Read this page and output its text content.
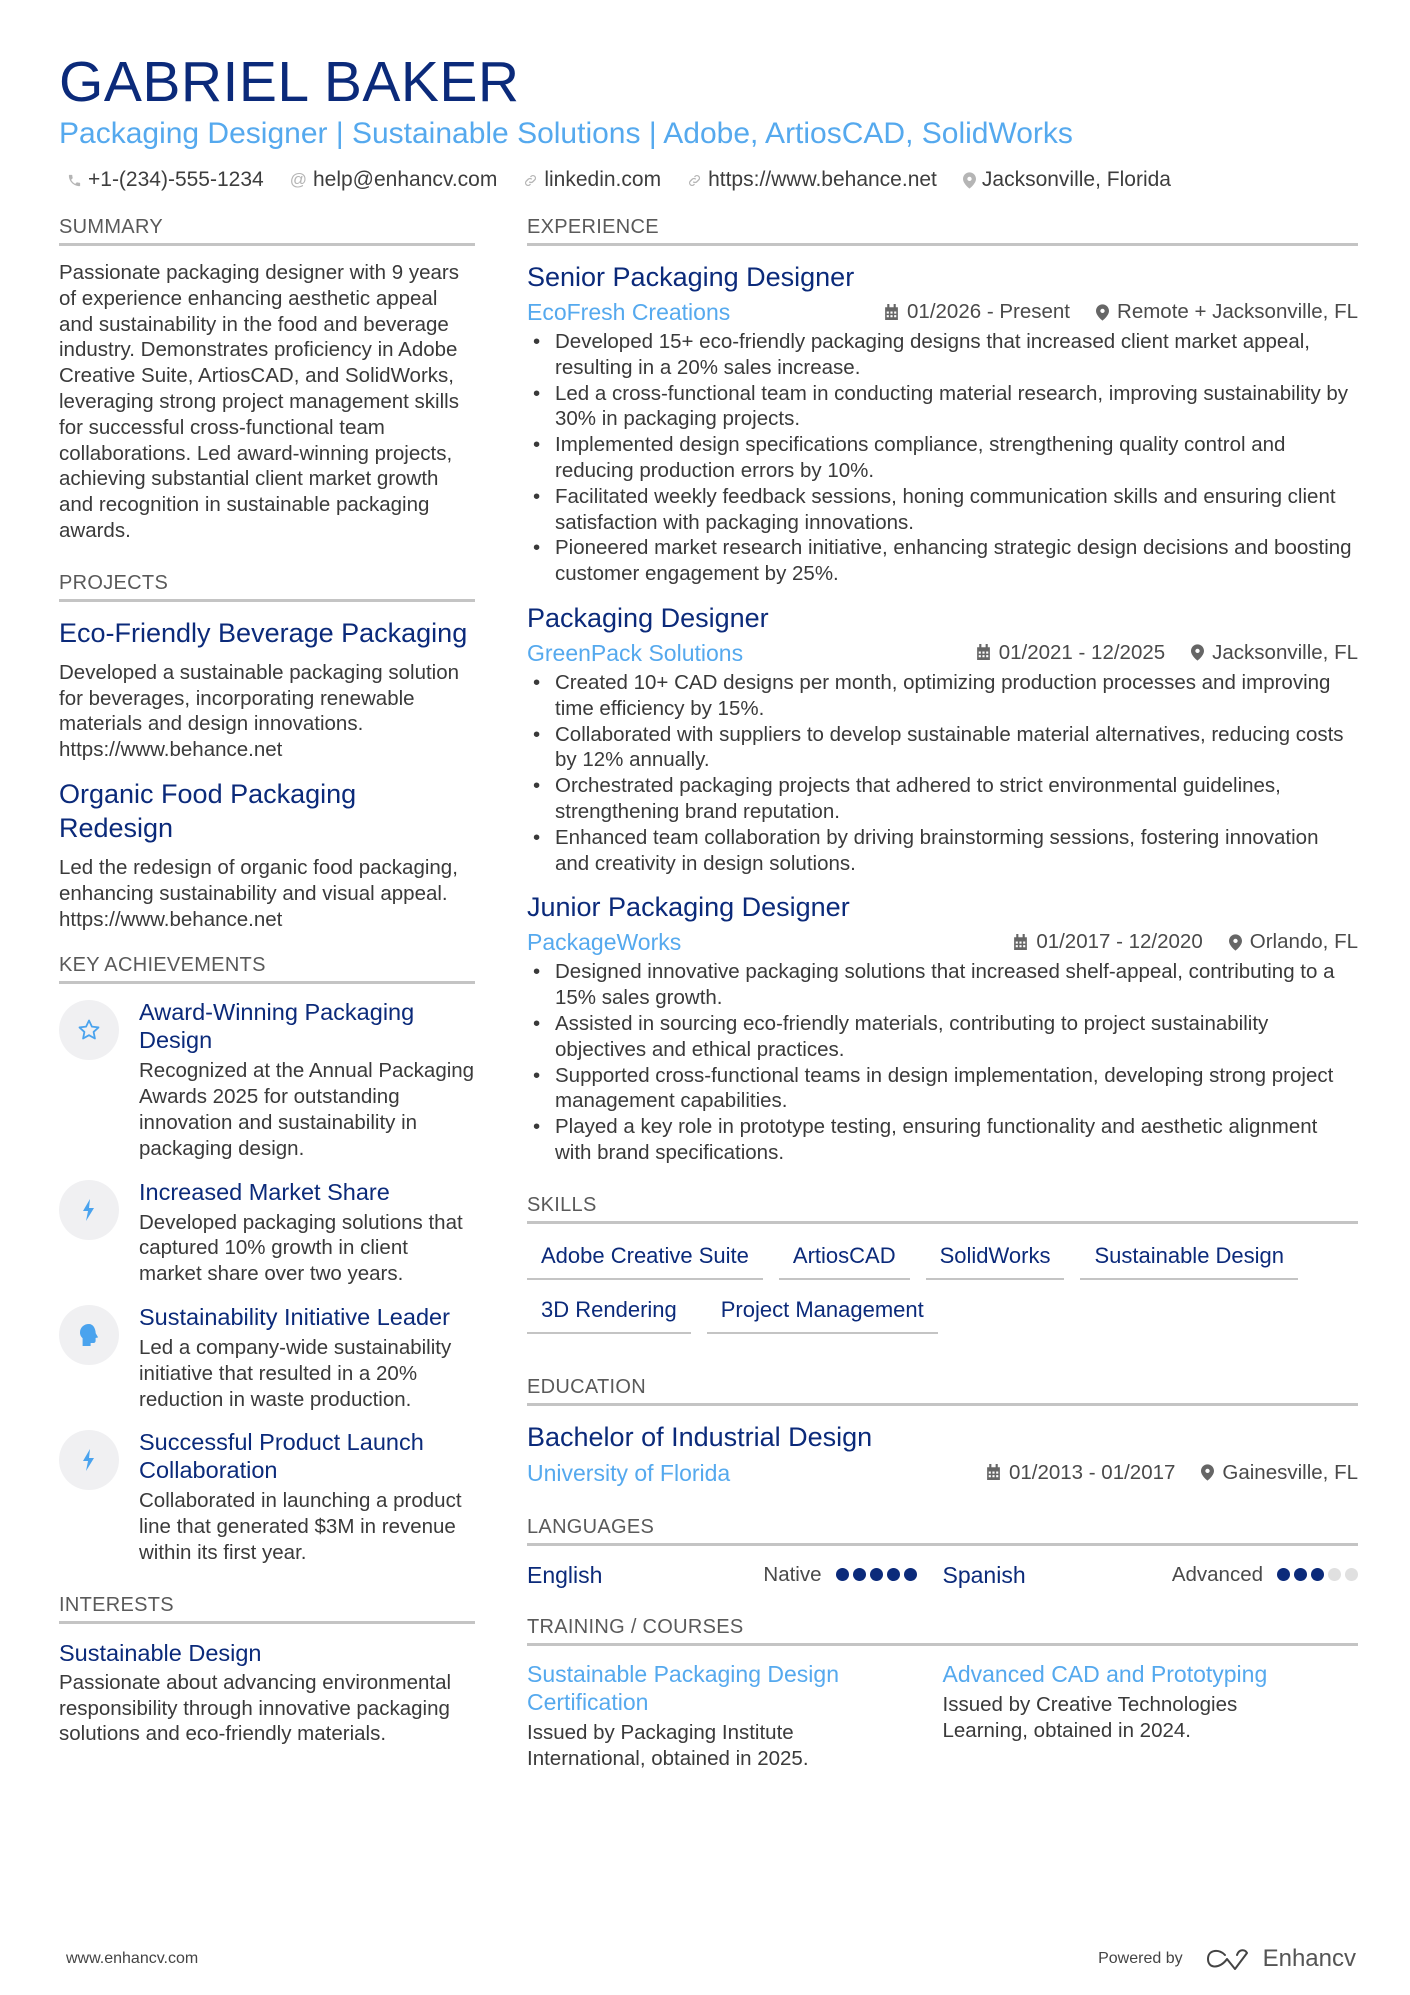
GABRIEL BAKER
Packaging Designer | Sustainable Solutions | Adobe, ArtiosCAD, SolidWorks
+1-(234)-555-1234 @ help@enhancv.com linkedin.com https://www.behance.net Jacksonville, Florida
SUMMARY

Passionate packaging designer with 9 years of experience enhancing aesthetic appeal and sustainability in the food and beverage industry. Demonstrates proficiency in Adobe Creative Suite, ArtiosCAD, and SolidWorks, leveraging strong project management skills for successful cross-functional team collaborations. Led award-winning projects, achieving substantial client market growth and recognition in sustainable packaging awards.

PROJECTS
Eco-Friendly Beverage Packaging

Developed a sustainable packaging solution for beverages, incorporating renewable materials and design innovations. https://www.behance.net

Organic Food Packaging Redesign

Led the redesign of organic food packaging, enhancing sustainability and visual appeal. https://www.behance.net

KEY ACHIEVEMENTS
Award-Winning Packaging Design

Recognized at the Annual Packaging Awards 2025 for outstanding innovation and sustainability in packaging design.

Increased Market Share

Developed packaging solutions that captured 10% growth in client market share over two years.

Sustainability Initiative Leader

Led a company-wide sustainability initiative that resulted in a 20% reduction in waste production.

Successful Product Launch Collaboration

Collaborated in launching a product line that generated $3M in revenue within its first year.

INTERESTS
Sustainable Design

Passionate about advancing environmental responsibility through innovative packaging solutions and eco-friendly materials.

EXPERIENCE
Senior Packaging Designer
EcoFresh Creations	01/2026 - Present Remote + Jacksonville, FL
• Developed 15+ eco-friendly packaging designs that increased client market appeal, resulting in a 20% sales increase.
• Led a cross-functional team in conducting material research, improving sustainability by 30% in packaging projects.
• Implemented design specifications compliance, strengthening quality control and reducing production errors by 10%.
• Facilitated weekly feedback sessions, honing communication skills and ensuring client satisfaction with packaging innovations.
• Pioneered market research initiative, enhancing strategic design decisions and boosting customer engagement by 25%.
Packaging Designer
GreenPack Solutions	01/2021 - 12/2025 Jacksonville, FL
• Created 10+ CAD designs per month, optimizing production processes and improving time efficiency by 15%.
• Collaborated with suppliers to develop sustainable material alternatives, reducing costs by 12% annually.
• Orchestrated packaging projects that adhered to strict environmental guidelines, strengthening brand reputation.
• Enhanced team collaboration by driving brainstorming sessions, fostering innovation and creativity in design solutions.
Junior Packaging Designer
PackageWorks	01/2017 - 12/2020 Orlando, FL
• Designed innovative packaging solutions that increased shelf-appeal, contributing to a 15% sales growth.
• Assisted in sourcing eco-friendly materials, contributing to project sustainability objectives and ethical practices.
• Supported cross-functional teams in design implementation, developing strong project management capabilities.
• Played a key role in prototype testing, ensuring functionality and aesthetic alignment with brand specifications.
SKILLS
Adobe Creative Suite	ArtiosCAD	SolidWorks	Sustainable Design
3D Rendering	Project Management
EDUCATION
Bachelor of Industrial Design
University of Florida	01/2013 - 01/2017 Gainesville, FL
LANGUAGES
English	Native	Spanish	Advanced
TRAINING / COURSES
Sustainable Packaging Design Certification

Issued by Packaging Institute International, obtained in 2025.

Advanced CAD and Prototyping

Issued by Creative Technologies Learning, obtained in 2024.

www.enhancv.com	Powered by	Enhancv
